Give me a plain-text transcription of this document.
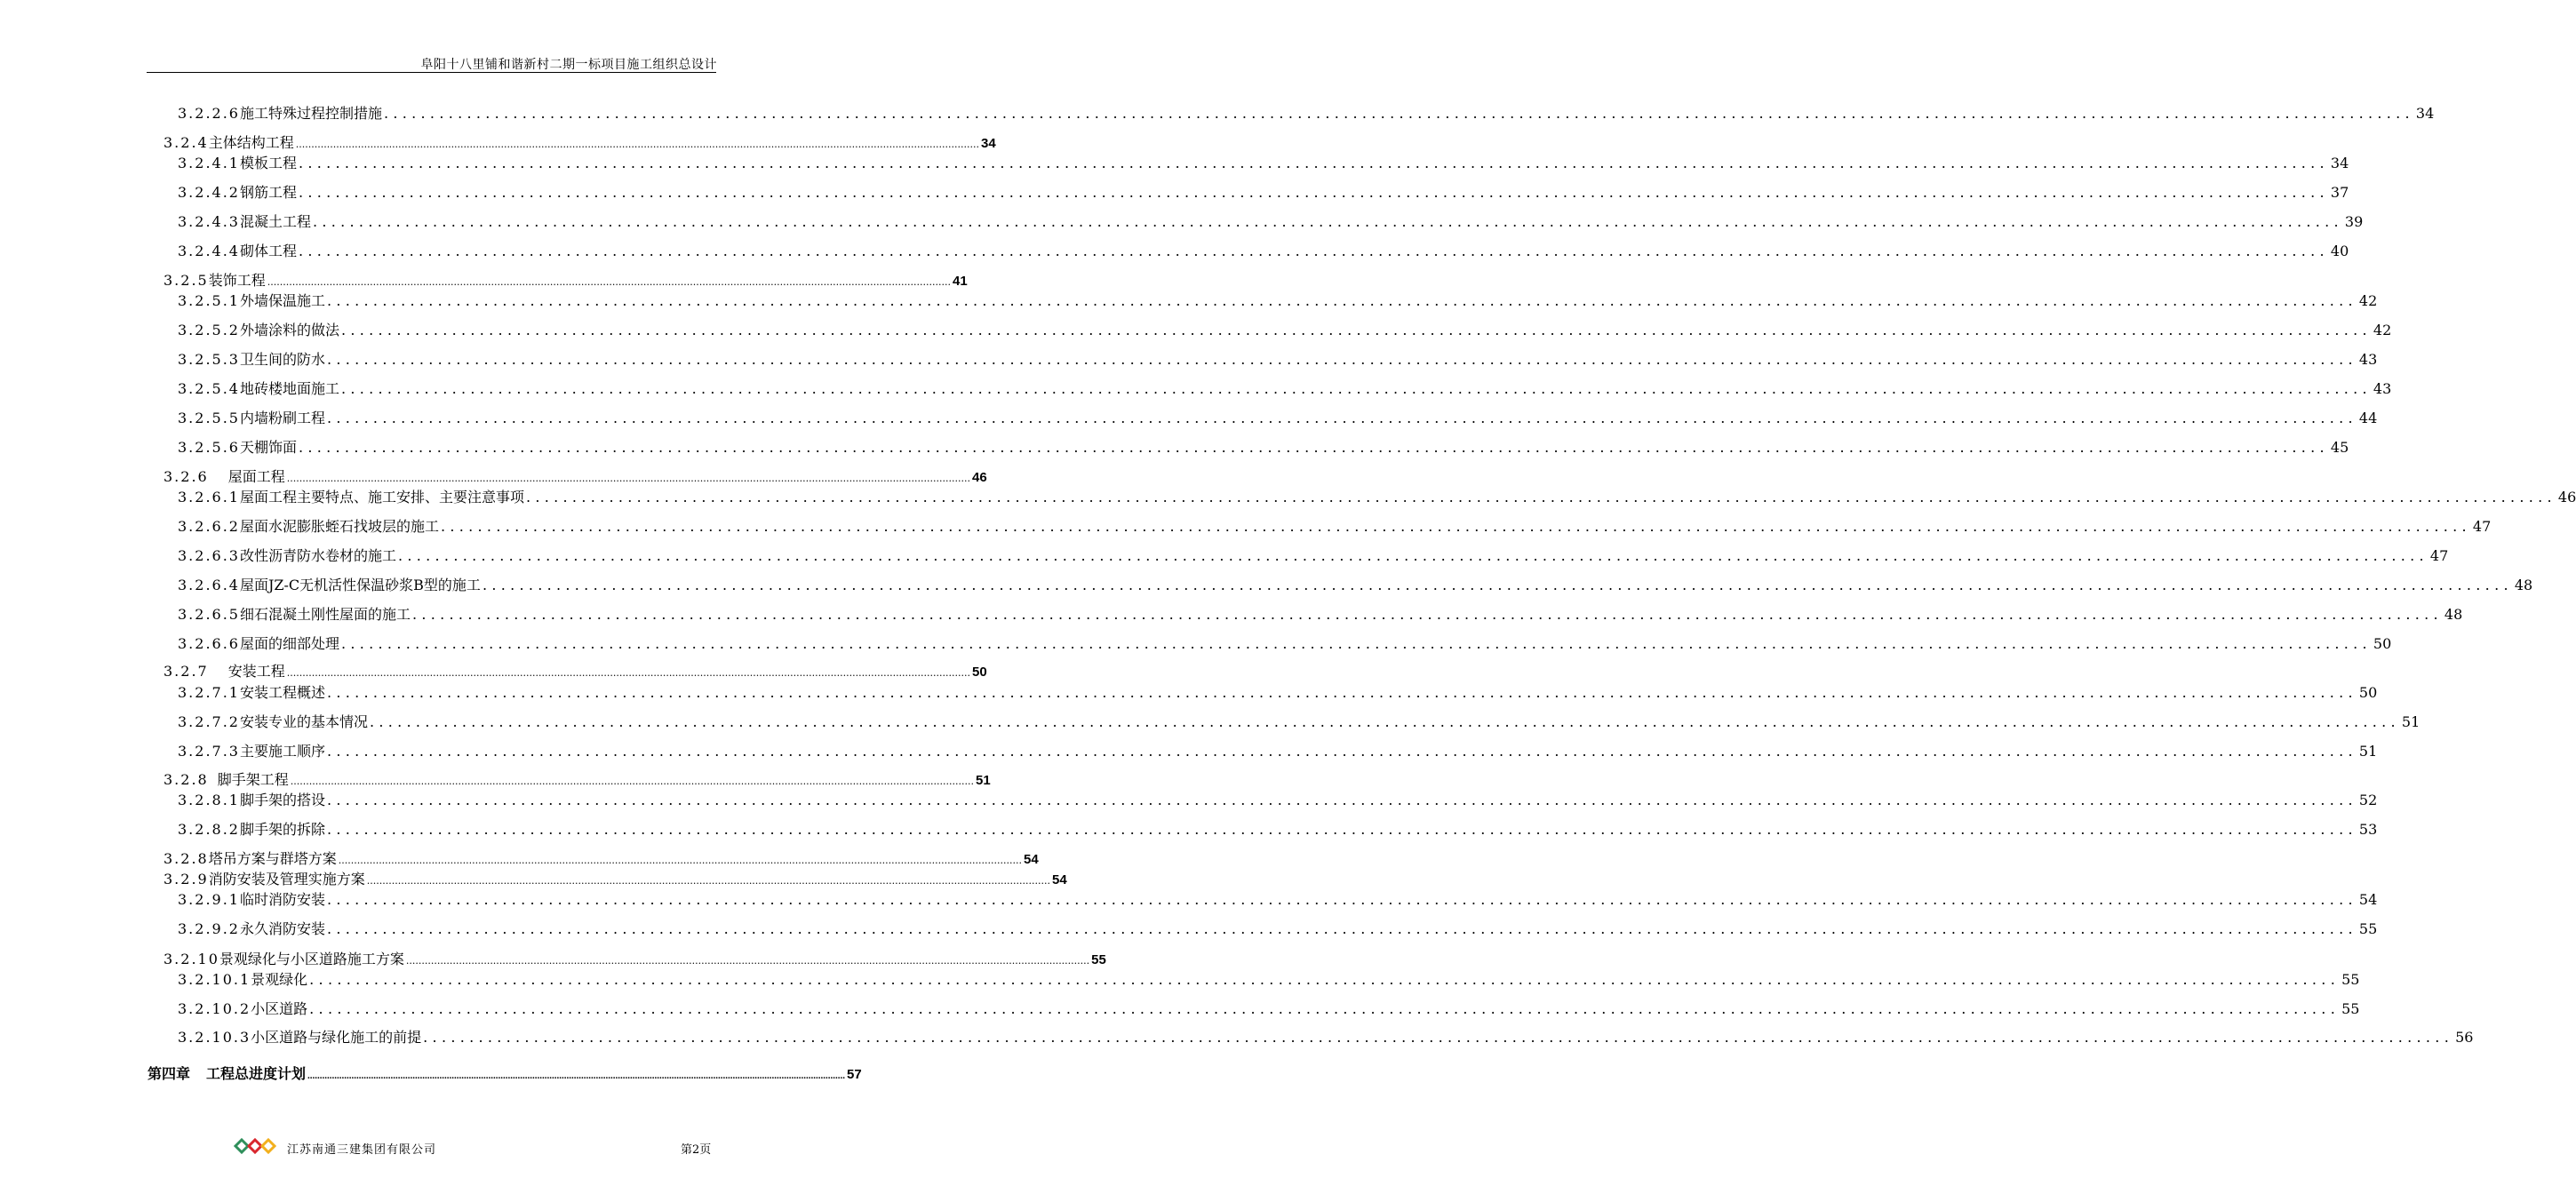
阜阳十八里铺和谐新村二期一标项目施工组织总设计
3.2.2.6 施工特殊过程控制措施 ............................................................................................................................................................................................................................ 34
3.2.4 主体结构工程 ............................................................................................................................................................................................................................ 34
3.2.4.1 模板工程 ............................................................................................................................................................................................................................ 34
3.2.4.2 钢筋工程 ............................................................................................................................................................................................................................ 37
3.2.4.3 混凝土工程 ............................................................................................................................................................................................................................ 39
3.2.4.4 砌体工程 ............................................................................................................................................................................................................................ 40
3.2.5 装饰工程 ............................................................................................................................................................................................................................ 41
3.2.5.1 外墙保温施工 ............................................................................................................................................................................................................................ 42
3.2.5.2 外墙涂料的做法 ............................................................................................................................................................................................................................ 42
3.2.5.3 卫生间的防水 ............................................................................................................................................................................................................................ 43
3.2.5.4 地砖楼地面施工 ............................................................................................................................................................................................................................ 43
3.2.5.5 内墙粉刷工程 ............................................................................................................................................................................................................................ 44
3.2.5.6 天棚饰面 ............................................................................................................................................................................................................................ 45
3.2.6 屋面工程 ............................................................................................................................................................................................................................ 46
3.2.6.1 屋面工程主要特点、施工安排、主要注意事项 ............................................................................................................................................................................................................................ 46
3.2.6.2 屋面水泥膨胀蛭石找坡层的施工 ............................................................................................................................................................................................................................ 47
3.2.6.3 改性沥青防水卷材的施工 ............................................................................................................................................................................................................................ 47
3.2.6.4 屋面JZ-C无机活性保温砂浆B型的施工 ............................................................................................................................................................................................................................ 48
3.2.6.5 细石混凝土刚性屋面的施工 ............................................................................................................................................................................................................................ 48
3.2.6.6 屋面的细部处理 ............................................................................................................................................................................................................................ 50
3.2.7 安装工程 ............................................................................................................................................................................................................................ 50
3.2.7.1 安装工程概述 ............................................................................................................................................................................................................................ 50
3.2.7.2 安装专业的基本情况 ............................................................................................................................................................................................................................ 51
3.2.7.3 主要施工顺序 ............................................................................................................................................................................................................................ 51
3.2.8 脚手架工程 ............................................................................................................................................................................................................................ 51
3.2.8.1 脚手架的搭设 ............................................................................................................................................................................................................................ 52
3.2.8.2 脚手架的拆除 ............................................................................................................................................................................................................................ 53
3.2.8 塔吊方案与群塔方案 ............................................................................................................................................................................................................................ 54
3.2.9 消防安装及管理实施方案 ............................................................................................................................................................................................................................ 54
3.2.9.1 临时消防安装 ............................................................................................................................................................................................................................ 54
3.2.9.2 永久消防安装 ............................................................................................................................................................................................................................ 55
3.2.10 景观绿化与小区道路施工方案 ............................................................................................................................................................................................................................ 55
3.2.10.1 景观绿化 ............................................................................................................................................................................................................................ 55
3.2.10.2 小区道路 ............................................................................................................................................................................................................................ 55
3.2.10.3 小区道路与绿化施工的前提 ............................................................................................................................................................................................................................ 56
第四章 工程总进度计划 ............................................................................................................................................................................................................................ 57
江苏南通三建集团有限公司	第2页
